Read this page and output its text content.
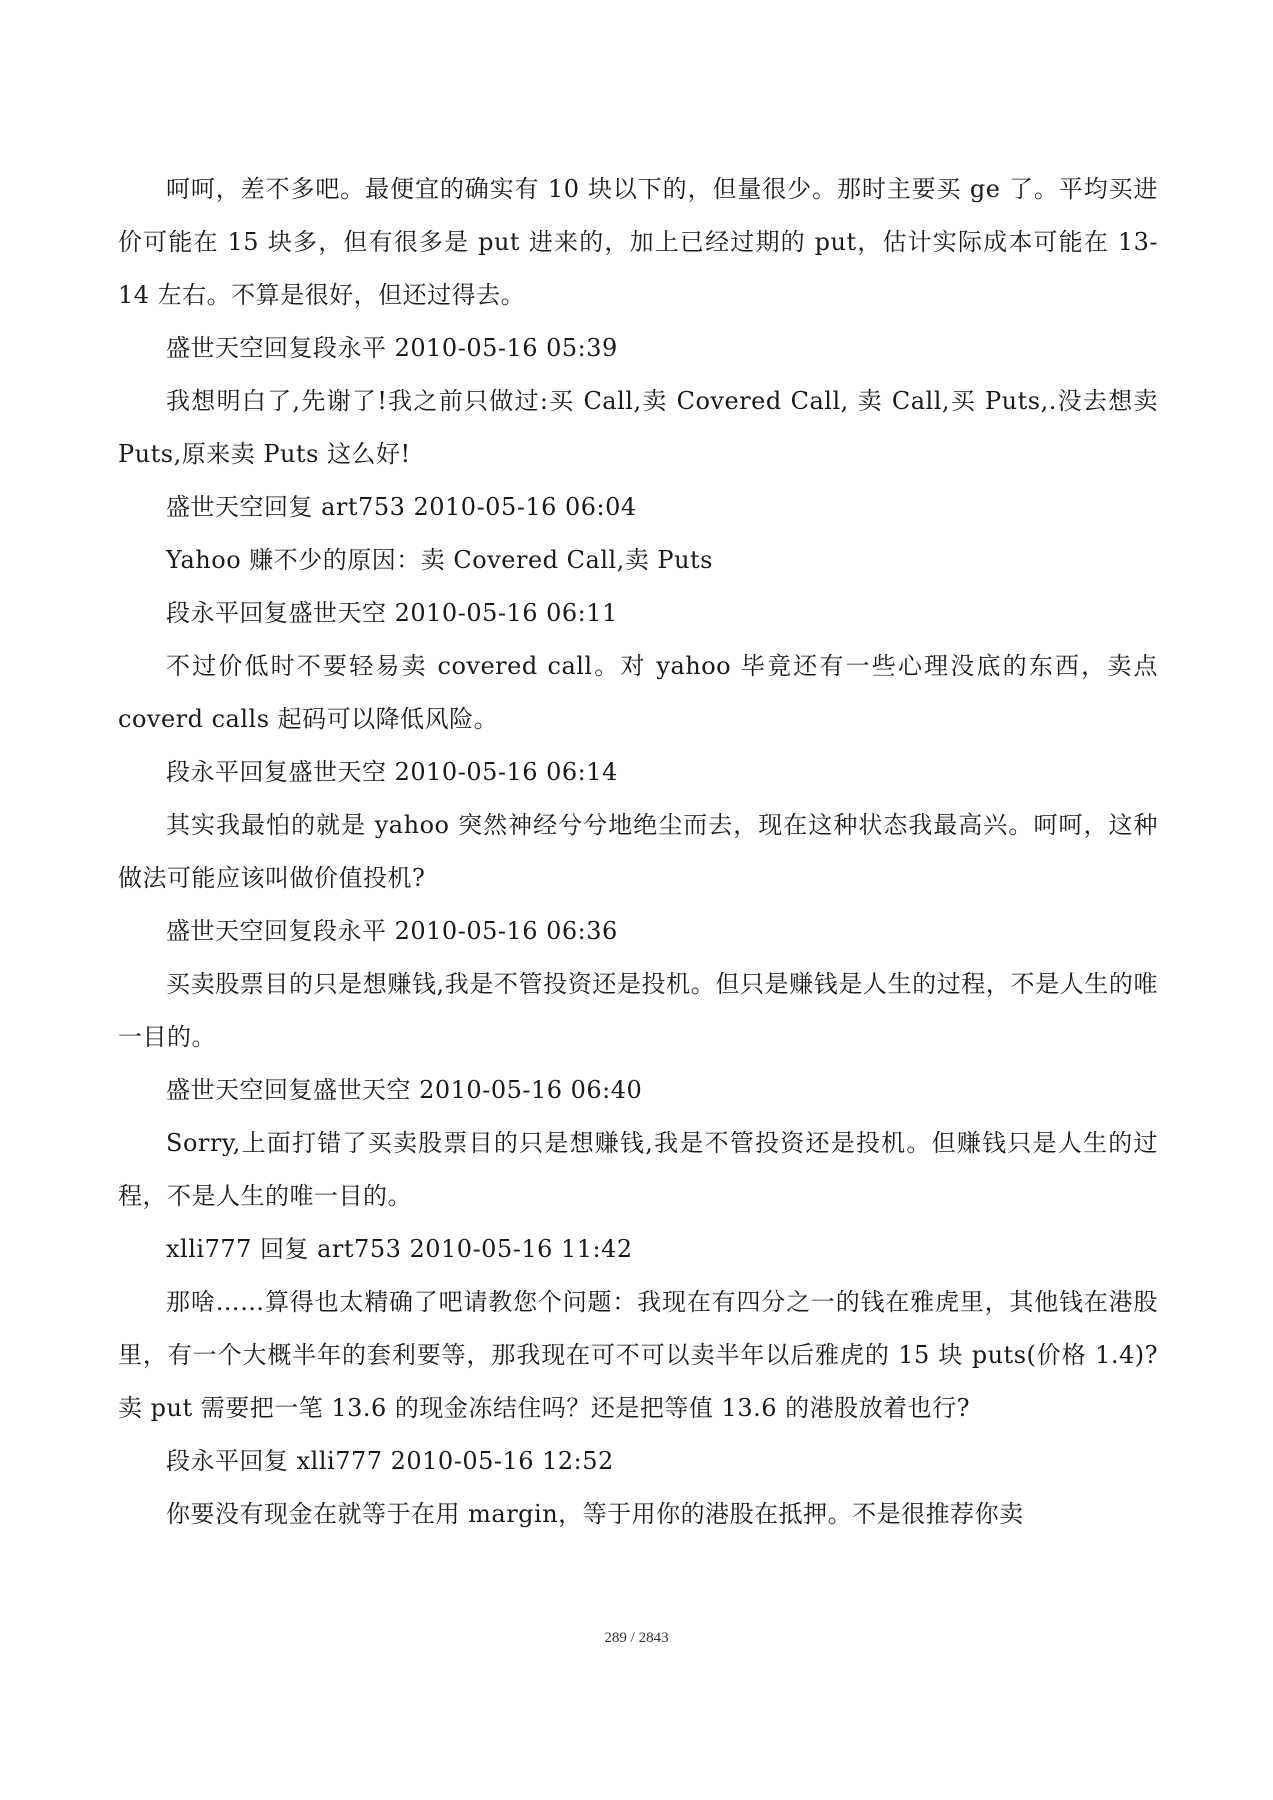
呵呵，差不多吧。最便宜的确实有 10 块以下的，但量很少。那时主要买 ge 了。平均买进价可能在 15 块多，但有很多是 put 进来的，加上已经过期的 put，估计实际成本可能在 13-14 左右。不算是很好，但还过得去。

盛世天空回复段永平 2010-05-16 05:39

我想明白了,先谢了!我之前只做过:买 Call,卖 Covered Call, 卖 Call,买 Puts,.没去想卖 Puts,原来卖 Puts 这么好!

盛世天空回复 art753 2010-05-16 06:04

Yahoo 赚不少的原因：卖 Covered Call,卖 Puts

段永平回复盛世天空 2010-05-16 06:11

不过价低时不要轻易卖 covered call。对 yahoo 毕竟还有一些心理没底的东西，卖点 coverd calls 起码可以降低风险。

段永平回复盛世天空 2010-05-16 06:14

其实我最怕的就是 yahoo 突然神经兮兮地绝尘而去，现在这种状态我最高兴。呵呵，这种做法可能应该叫做价值投机?

盛世天空回复段永平 2010-05-16 06:36

买卖股票目的只是想赚钱,我是不管投资还是投机。但只是赚钱是人生的过程，不是人生的唯一目的。

盛世天空回复盛世天空 2010-05-16 06:40

Sorry,上面打错了买卖股票目的只是想赚钱,我是不管投资还是投机。但赚钱只是人生的过程，不是人生的唯一目的。

xlli777 回复 art753 2010-05-16 11:42

那啥……算得也太精确了吧请教您个问题：我现在有四分之一的钱在雅虎里，其他钱在港股里，有一个大概半年的套利要等，那我现在可不可以卖半年以后雅虎的 15 块 puts(价格 1.4)? 卖 put 需要把一笔 13.6 的现金冻结住吗？还是把等值 13.6 的港股放着也行?

段永平回复 xlli777 2010-05-16 12:52

你要没有现金在就等于在用 margin，等于用你的港股在抵押。不是很推荐你卖

289 / 2843
